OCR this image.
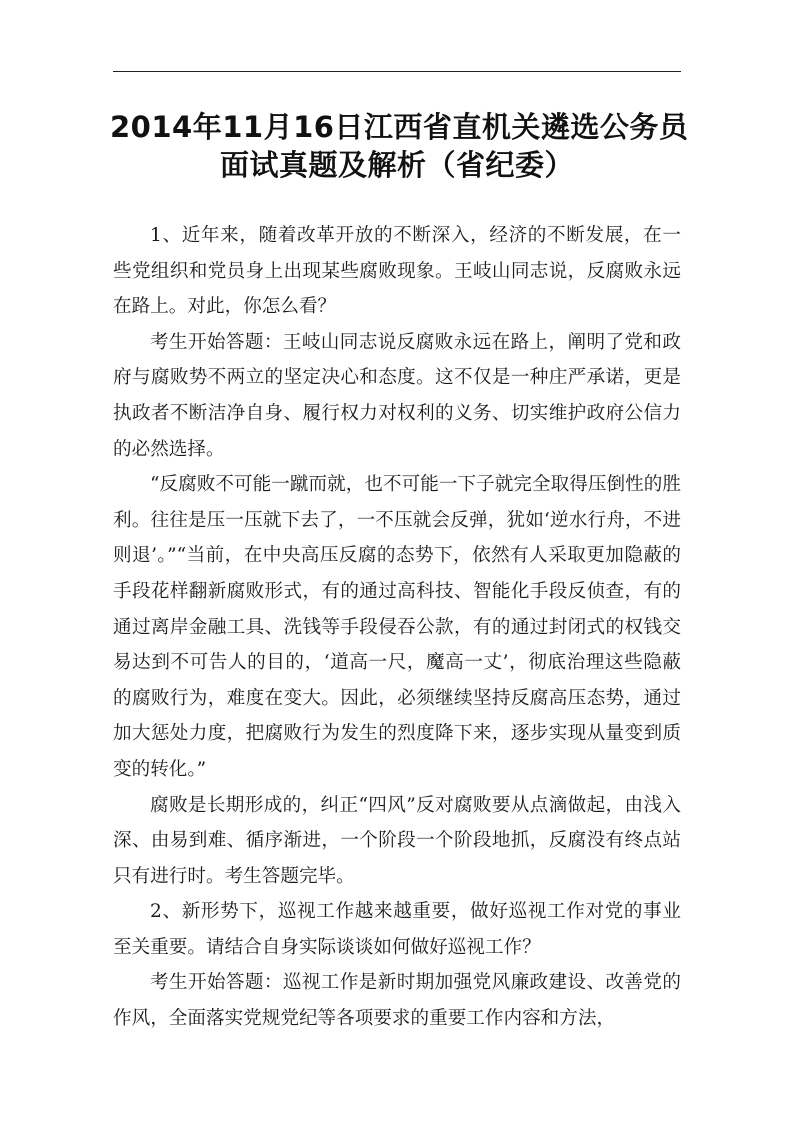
2014年11月16日江西省直机关遴选公务员
面试真题及解析（省纪委）

1、近年来，随着改革开放的不断深入，经济的不断发展，在一些党组织和党员身上出现某些腐败现象。王岐山同志说，反腐败永远在路上。对此，你怎么看？

考生开始答题：王岐山同志说反腐败永远在路上，阐明了党和政府与腐败势不两立的坚定决心和态度。这不仅是一种庄严承诺，更是执政者不断洁净自身、履行权力对权利的义务、切实维护政府公信力的必然选择。

“反腐败不可能一蹴而就，也不可能一下子就完全取得压倒性的胜利。往往是压一压就下去了，一不压就会反弹，犹如‘逆水行舟，不进则退’。”“当前，在中央高压反腐的态势下，依然有人采取更加隐蔽的手段花样翻新腐败形式，有的通过高科技、智能化手段反侦查，有的通过离岸金融工具、洗钱等手段侵吞公款，有的通过封闭式的权钱交易达到不可告人的目的，‘道高一尺，魔高一丈’，彻底治理这些隐蔽的腐败行为，难度在变大。因此，必须继续坚持反腐高压态势，通过加大惩处力度，把腐败行为发生的烈度降下来，逐步实现从量变到质变的转化。”

腐败是长期形成的，纠正“四风”反对腐败要从点滴做起，由浅入深、由易到难、循序渐进，一个阶段一个阶段地抓，反腐没有终点站只有进行时。考生答题完毕。

2、新形势下，巡视工作越来越重要，做好巡视工作对党的事业至关重要。请结合自身实际谈谈如何做好巡视工作？

考生开始答题：巡视工作是新时期加强党风廉政建设、改善党的作风，全面落实党规党纪等各项要求的重要工作内容和方法，
